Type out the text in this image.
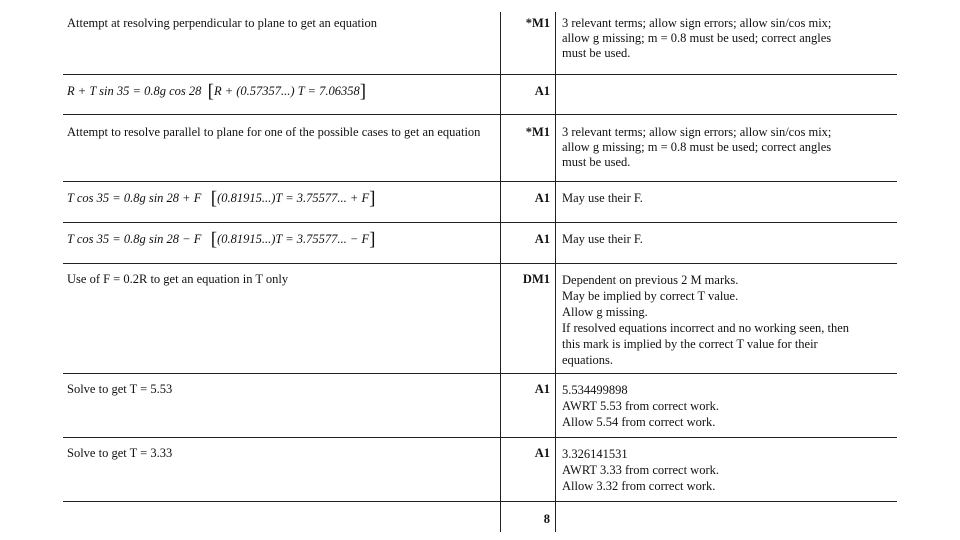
Attempt at resolving perpendicular to plane to get an equation	*M1 3 relevant terms; allow sign errors; allow sin/cos mix;
allow g missing; m = 0.8 must be used; correct angles
must be used.
R + T sin 35 = 0.8g cos 28 [R + (0.57357...) T = 7.06358]	A1
Attempt to resolve parallel to plane for one of the possible cases to get an equation	*M1 3 relevant terms; allow sign errors; allow sin/cos mix;
allow g missing; m = 0.8 must be used; correct angles
must be used.
T cos 35 = 0.8g sin 28 + F [(0.81915...)T = 3.75577... + F]	A1 May use their F.
T cos 35 = 0.8g sin 28 − F [(0.81915...)T = 3.75577... − F]	A1 May use their F.
Use of F = 0.2R to get an equation in T only	DM1 Dependent on previous 2 M marks.
May be implied by correct T value.
Allow g missing.
If resolved equations incorrect and no working seen, then
this mark is implied by the correct T value for their
equations.
Solve to get T = 5.53	A1 5.534499898
AWRT 5.53 from correct work.
Allow 5.54 from correct work.
Solve to get T = 3.33	A1 3.326141531
AWRT 3.33 from correct work.
Allow 3.32 from correct work.
8
